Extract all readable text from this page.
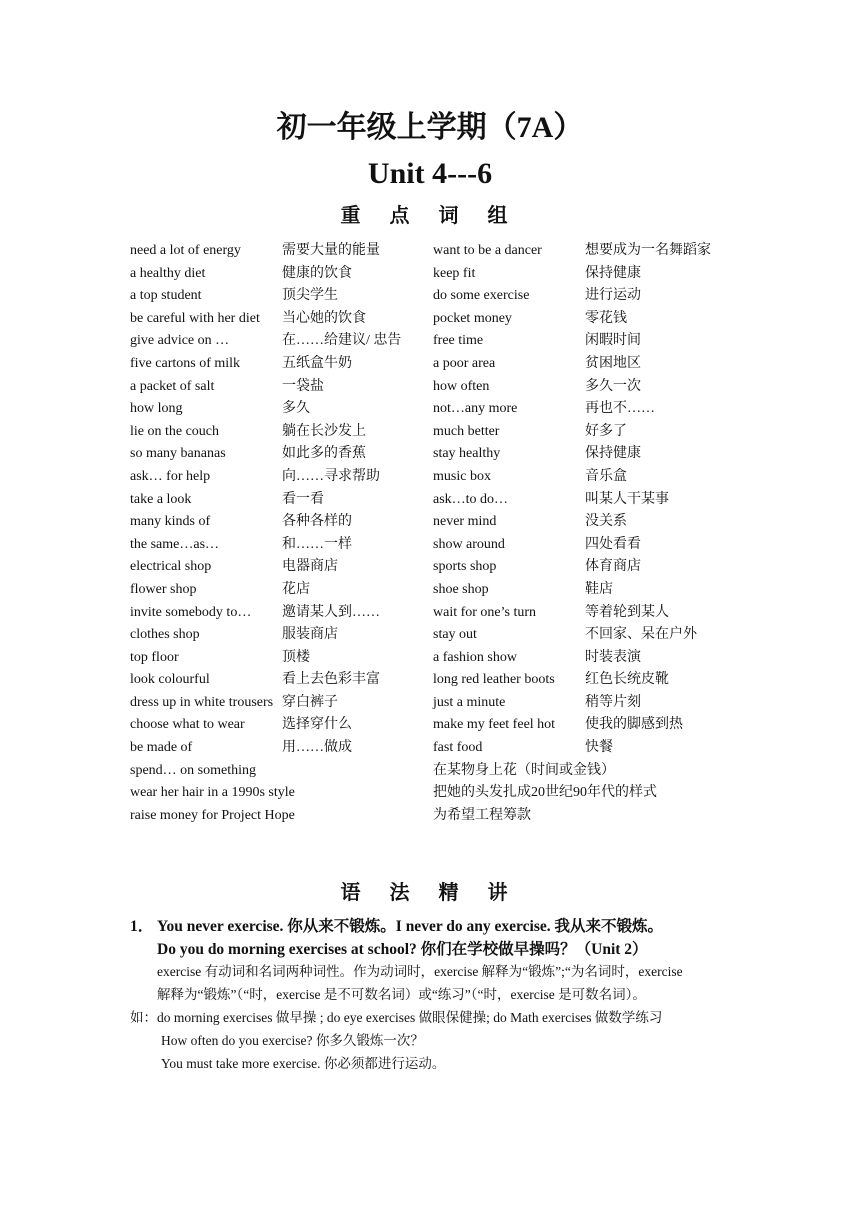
初一年级上学期（7A）
Unit 4---6
重 点 词 组
need a lot of energy	需要大量的能量	want to be a dancer	想要成为一名舞蹈家
a healthy diet	健康的饮食	keep fit	保持健康
a top student	顶尖学生	do some exercise	进行运动
be careful with her diet 当心她的饮食	pocket money	零花钱
give advice on …	在……给建议/ 忠告 free time	闲暇时间
five cartons of milk	五纸盒牛奶	a poor area	贫困地区
a packet of salt	一袋盐	how often	多久一次
how long	多久	not…any more	再也不……
lie on the couch	躺在长沙发上	much better	好多了
so many bananas	如此多的香蕉	stay healthy	保持健康
ask… for help	向……寻求帮助	music box	音乐盒
take a look	看一看	ask…to do…	叫某人干某事
many kinds of	各种各样的	never mind	没关系
the same…as…	和……一样	show around	四处看看
electrical shop	电器商店	sports shop	体育商店
flower shop	花店	shoe shop	鞋店
invite somebody to… 邀请某人到……	wait for one’s turn	等着轮到某人
clothes shop	服装商店	stay out	不回家、呆在户外
top floor	顶楼	a fashion show	时装表演
look colourful	看上去色彩丰富	long red leather boots 红色长统皮靴
dress up in white trousers 穿白裤子	just a minute	稍等片刻
choose what to wear	选择穿什么	make my feet feel hot 使我的脚感到热
be made of	用……做成	fast food	快餐
spend… on something	在某物身上花（时间或金钱）
wear her hair in a 1990s style	把她的头发扎成20世纪90年代的样式
raise money for Project Hope	为希望工程筹款
语 法 精 讲
1． You never exercise. 你从来不锻炼。I never do any exercise. 我从来不锻炼。
Do you do morning exercises at school? 你们在学校做早操吗？（Unit 2）
exercise 有动词和名词两种词性。作为动词时，exercise 解释为“锻炼”;“为名词时，exercise
解释为“锻炼”（“时，exercise 是不可数名词）或“练习”（“时，exercise 是可数名词）。
如：do morning exercises 做早操 ; do eye exercises 做眼保健操; do Math exercises 做数学练习
How often do you exercise? 你多久锻炼一次？
You must take more exercise. 你必须都进行运动。
